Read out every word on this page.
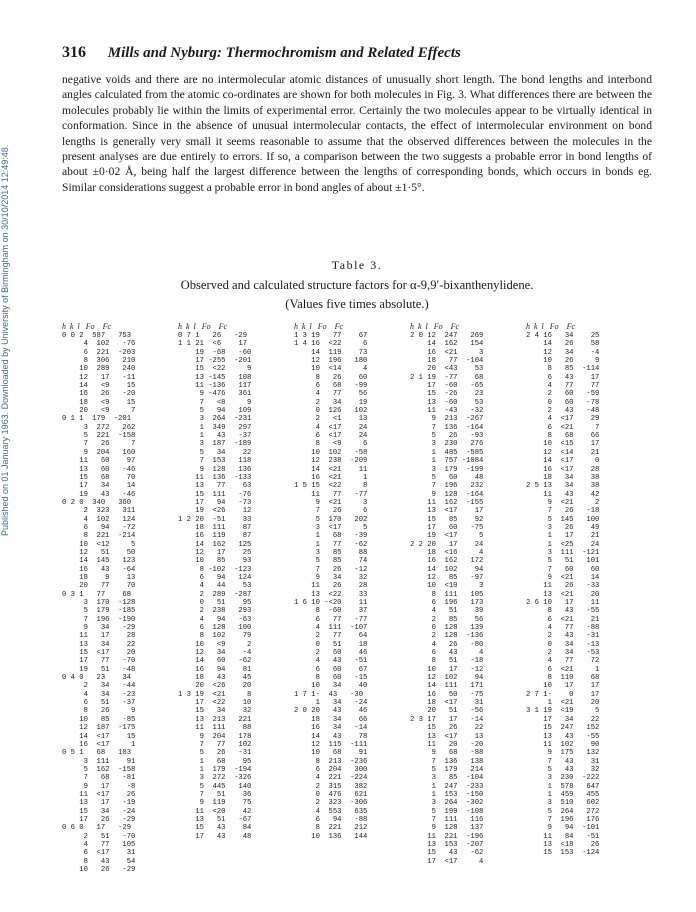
Published on 01 January 1963. Downloaded by University of Birmingham on 30/10/2014 12:49:48.
316 Mills and Nyburg: Thermochromism and Related Effects
negative voids and there are no intermolecular atomic distances of unusually short length. The bond lengths and interbond angles calculated from the atomic co-ordinates are shown for both molecules in Fig. 3. What differences there are between the molecules probably lie within the limits of experimental error. Certainly the two molecules appear to be virtually identical in conformation. Since in the absence of unusual intermolecular contacts, the effect of intermolecular environment on bond lengths is generally very small it seems reasonable to assume that the observed differences between the molecules in the present analyses are due entirely to errors. If so, a comparison between the two suggests a probable error in bond lengths of about ±0·02 Å, being half the largest difference between the lengths of corresponding bonds, which occurs in bonds eg. Similar considerations suggest a probable error in bond angles of about ±1·5°.
Table 3.
Observed and calculated structure factors for α-9,9′-bixanthenylidene.
(Values five times absolute.)
h  k  l   Fo    Fc
0 0 2  587   753
4  102   -76
6  221  -203
8  306   210
10  289   240
12   17   -11
14   <9    15
16   26   -20
18   <9    15
20   <9     7
0 1 1  179  -201
3  272   262
5  221  -158
7   26     7
9  204   160
11   60    97
13   60   -46
15   68    70
17   34    14
19   43   -46
0 2 0  340   360
2  323   311
4  102   124
6   94   -72
8  221  -214
10  <12     5
12   51    50
14  145   123
16   43   -64
18    9    13
20   77    70
0 3 1   77    68
3  170  -128
5  179  -185
7  196  -190
9   34   -29
11   17    28
13   34    22
15  <17    20
17   77   -70
19   51   -48
0 4 0   23    34
2   34   -44
4   34   -23
6   51   -37
8   26     9
10   85   -85
12  187  -175
14  <17    15
16  <17     1
0 5 1   68   103
3  111    91
5  162  -158
7   68   -81
9   17    -8
11  <17    26
13   17   -19
15   34   -24
17   26   -29
0 6 0   17   -29
2   51   -70
4   77   105
6  <17    31
8   43    54
10   26   -29
h  k  l   Fo    Fc
0 7 1   26   -29
1 1 21  <6    17
19  -68   -60
17 -255  -201
15  <22     9
13 -145   108
11 -136   117
9 -476   361
7   <8     9
5   94   109
3  264  -231
1  349   297
1   43   -37
3  187  -189
5   34    22
7  153   118
9  128   136
11  136  -133
13   77    63
15  111   -76
17   94   -73
19  <26    12
1 2 20  -51    33
18  111    87
16  119    87
14  162   125
12   17    25
10   85    93
8 -102  -123
6   94   124
4   44    53
2  289  -287
0   51    95
2  238   293
4   94   -63
6  128   100
8  102    79
10   <9     2
12   34    -4
14   60   -62
16   94    81
18   43    45
20  <26    20
1 3 19  <21     8
17  <22    10
15   34    32
13  213   221
11  111    88
9  204   178
7   77   102
5   26   -31
1   68    95
1  179  -194
3  272  -326
5  445   140
7   51    36
9  119    75
11  <20    42
13   51   -67
15   43    84
17   43    48
h  k  l   Fo    Fc
1 3 19   77    67
1 4 16  <22     6
14  119    73
12  196   180
10  <14     4
8   26    60
6   68   -99
4   77    56
2   34    19
0  126   102
2   <1    13
4  <17    24
6  <17    24
8   <9     6
10  102   -58
12  238  -209
14  <21    11
16  <21     1
1 5 15  <22     8
11   77   -77
9  <21     3
7   26     6
5  170   202
3  <17     5
1   68   -39
1   77   -62
3   85    88
5   85    74
7   26   -12
9   34    32
11   26    28
13  <22    33
1 6 10 -<20    11
8  -60    37
6   77   -77
4  111  -107
2   77    64
0   51    18
2   60    46
4   43   -51
6   60    67
8   60   -15
10   34    40
1 7 1-  43   -30
1   34   -24
2 0 20   43    46
18   34    66
16   34   -14
14   43    78
12  115  -111
10   68    91
8  213  -236
6  204   300
4  221  -224
2  315   382
0  476   621
2  323  -306
4  553   635
6   94   -88
8  221   212
10  136   144
h  k  l   Fo    Fc
2 0 12  247   269
14  162   154
16  <21     3
18   77  -104
20  <43    53
2 1 19  -77    68
17  -60   -65
15  -26    23
13  -60    53
11  -43   -32
9  213  -267
7  136  -164
5   26   -93
3  230   276
1  485  -585
1  757 -1084
3  179  -199
5   60    48
7  196   232
9  128  -164
11  162  -155
13  <17    17
15   85    92
17   60   -75
19  <17     5
2 2 20   17    24
18  <16     4
16  162   172
14  102    94
12   85   -97
10  <10     3
8  111   105
6  196   173
4   51    39
2   85    56
0  128   139
2  128  -136
4   26   -80
6   43     4
8   51   -18
10   17   -12
12  102    94
14  111   171
16   50   -75
18  <17    31
20   51   -56
2 3 17   17   -14
15   26    22
13  <17    13
11   20   -20
9   68   -88
7  136   138
5  179   214
3   85  -104
1  247  -233
1  153  -150
3  264  -302
5  199  -108
7  111   116
9  128   137
11  221  -196
13  153  -207
15   43   -62
17  <17     4
h  k  l   Fo    Fc
2 4 16   34    25
14   26    58
12   34    -4
10   26     9
8   85  -114
6   43    17
4   77    77
2   60   -59
0   60   -78
2   43   -48
4  <17    29
6  <21     7
8   68    66
10  <15    17
12  <14    21
14  <17     0
16  <17    28
18   34    38
2 5 13   34    38
11   43    42
9  <21     2
7   26   -18
5  145   100
3   26    49
1   17    21
1  <25    24
3  111  -121
5   51   101
7   60    60
9  <21    14
11   26   -33
13  <21    20
2 6 10   17    11
8   43   -55
6  <21    21
4   77   -88
2   43   -31
0   34   -13
2   34   -53
4   77    72
6  <21     1
8  110    68
10   17    17
2 7 1-    0    17
1  <21    20
3 1 19  <19     5
17   34    22
15  247   152
13   43   -55
11  102    90
9  175   132
7   43    31
5   43    32
3  230  -222
1  578   647
1  459   455
3  510   602
5  264   272
7  196   176
9   94  -101
11   84   -51
13  <18    26
15  153  -124
